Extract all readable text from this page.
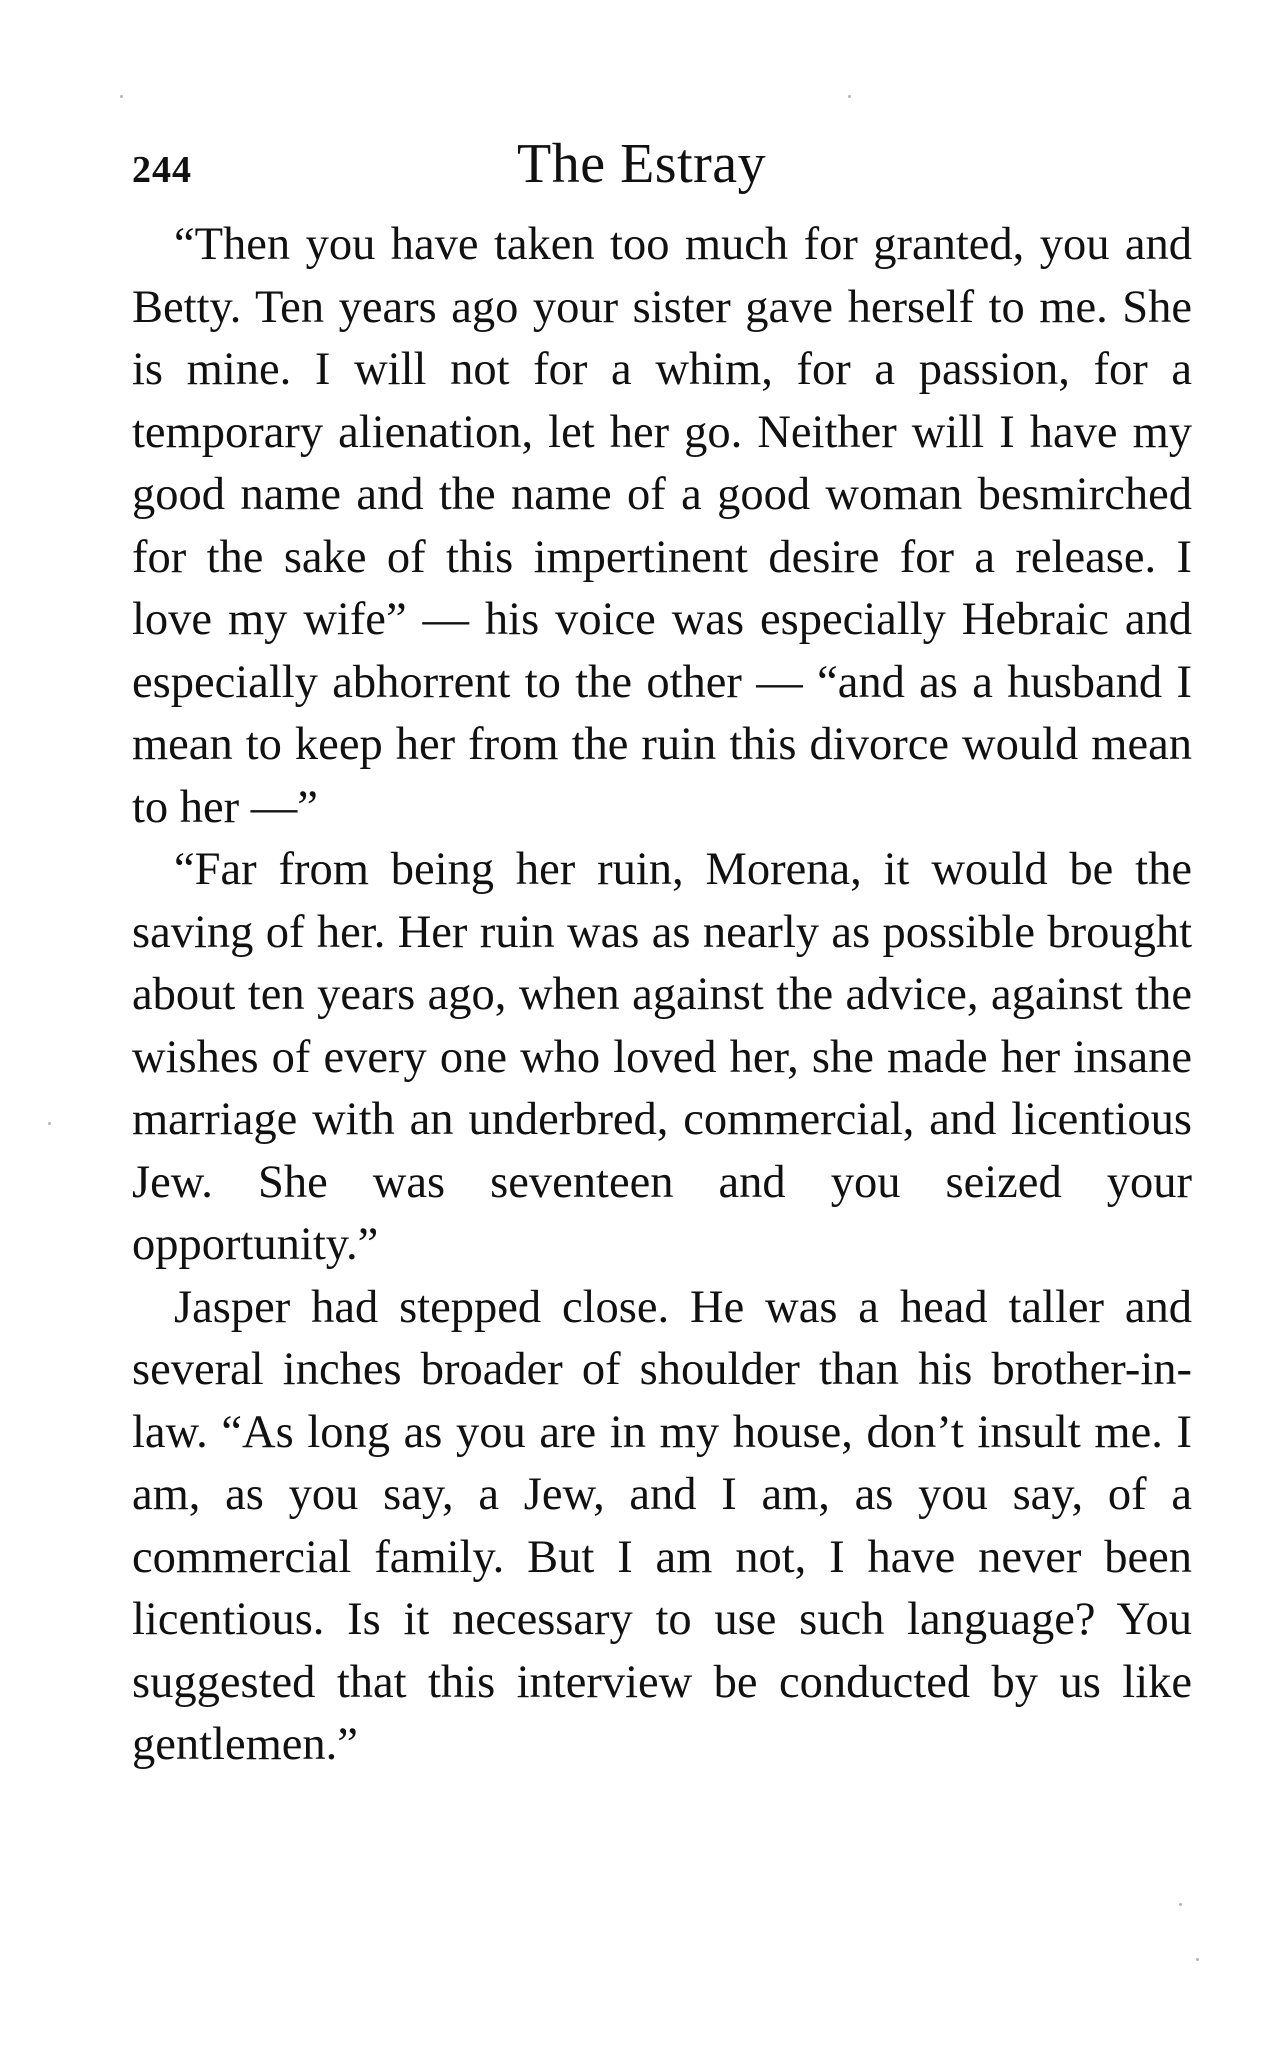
244	The Estray

“Then you have taken too much for granted, you and Betty. Ten years ago your sister gave herself to me. She is mine. I will not for a whim, for a passion, for a temporary alienation, let her go. Neither will I have my good name and the name of a good woman besmirched for the sake of this impertinent desire for a release. I love my wife” — his voice was especially Hebraic and especially abhorrent to the other — “and as a husband I mean to keep her from the ruin this divorce would mean to her —”

“Far from being her ruin, Morena, it would be the saving of her. Her ruin was as nearly as possible brought about ten years ago, when against the advice, against the wishes of every one who loved her, she made her insane marriage with an underbred, commercial, and licentious Jew. She was seventeen and you seized your opportunity.”

Jasper had stepped close. He was a head taller and several inches broader of shoulder than his brother-in-law. “As long as you are in my house, don’t insult me. I am, as you say, a Jew, and I am, as you say, of a commercial family. But I am not, I have never been licentious. Is it necessary to use such language? You suggested that this interview be conducted by us like gentlemen.”
